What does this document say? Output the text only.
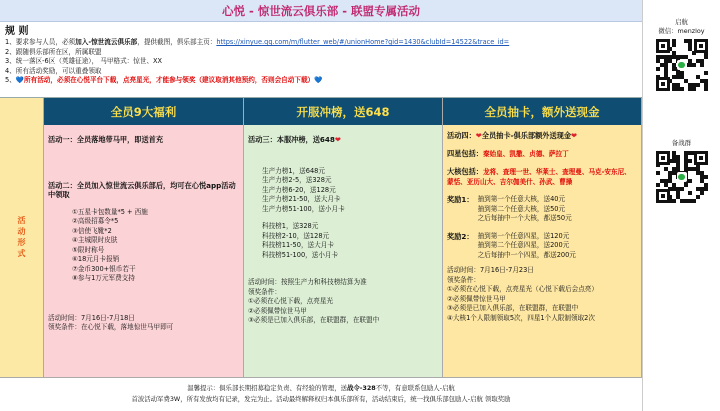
心悦 - 惊世流云俱乐部 - 联盟专属活动
规 则
1、要求参与人员，必须加入-惊世流云俱乐部，提供截图，俱乐部主页：https://xinyue.qq.com/m/flutter_web/#/unionHome?gid=1430&clubId=14522&trace_id=
2、跟随俱乐部所在区，所属联盟
3、统一落区-6区（英雄征途）， 马甲格式：惊世、XX
4、所有活动奖励，可以重叠领取
5、💙所有活动，必须在心悦平台下载，点亮星光，才能参与领奖（建议取消其他预约，否则会自动下载）💙
活动形式
全员9大福利
活动一：全员落地带马甲，即送首充
活动二：全员加入惊世流云俱乐部后，均可在心悦app活动中领取
①五星卡包数量*5 + 西施
②高级招募令*5
③信使飞靴*2
④主城限时皮肤
⑤限时称号
⑥18元月卡报销
⑦金币300+银币若干
⑧参与1万元军费支持
活动时间：7月16日-7月18日
领奖条件：在心悦下载，落地惊世马甲即可
开服冲榜，送648
活动三：本服冲榜，送648❤
生产力榜1，送648元
生产力榜2-5，送328元
生产力榜6-20，送128元
生产力榜21-50，送大月卡
生产力榜51-100，送小月卡
科技榜1，送328元
科技榜2-10，送128元
科技榜11-50，送大月卡
科技榜51-100，送小月卡
活动时间：按照生产力和科技榜结算为准
领奖条件：
①必须在心悦下载，点亮星光
②必须佩带惊世马甲
③必须是已加入俱乐部，在联盟群，在联盟中
全员抽卡，额外送现金
活动四：❤全员抽卡-俱乐部额外送现金❤
四星包括：秦始皇、凯撒、贞德、萨拉丁
大核包括：龙将、查理一世、华莱士、查理曼、马克-安东尼、蒙恬、亚历山大、吉尔伽美什、孙武、曹操
奖励1： 抽到第一个任意大核，送40元
抽到第二个任意大核，送50元
之后每抽中一个大核，都送50元
奖励2： 抽到第一个任意四星，送120元
抽到第二个任意四星，送200元
之后每抽中一个四星，都送200元
活动时间：7月16日-7月23日
领奖条件：
①必须在心悦下载，点亮星光（心悦下载后会点亮）
②必须佩带惊世马甲
③必须是已加入俱乐部，在联盟群，在联盟中
④大核1个人限制领取5次，四星1个人限制领取2次
温馨提示：俱乐部长期招募稳定负责、有经验的管理，送战令-328不等，有意联系包励人-启航
首波活动军费3W，所有发放均有记录，发完为止。活动最终解释权归本俱乐部所有，活动结束后，统一找俱乐部包励人-启航 领取奖励
启航
微信：menzloy
备战群
